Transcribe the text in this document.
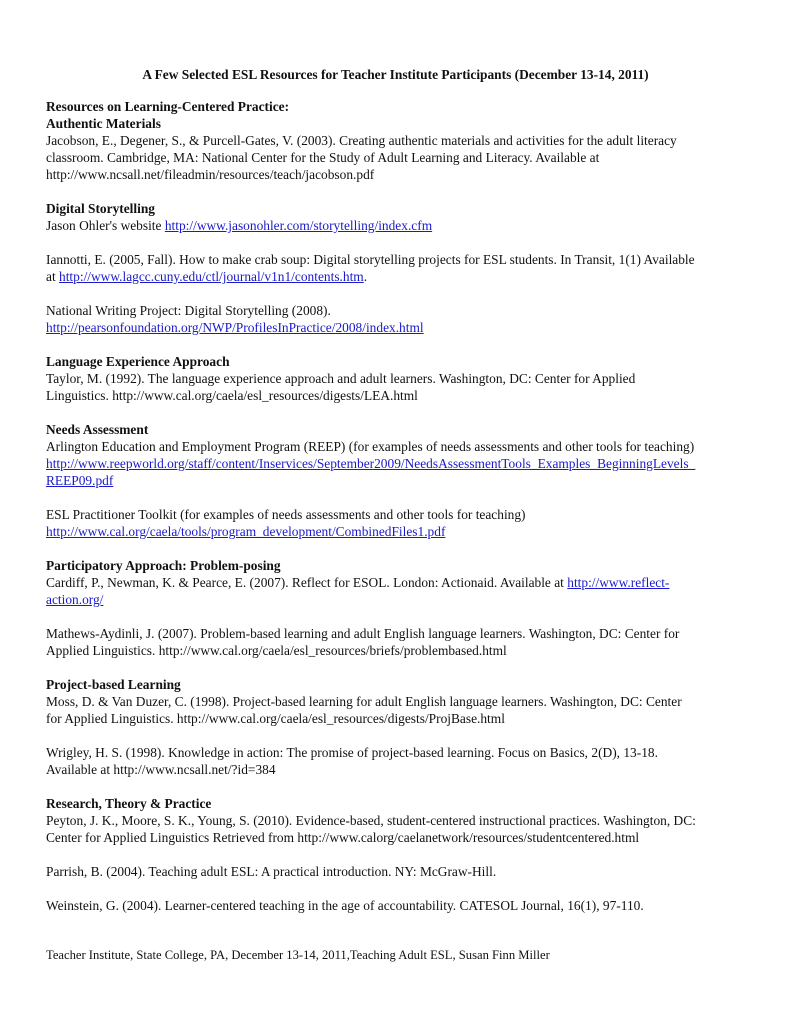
A Few Selected ESL Resources for Teacher Institute Participants (December 13-14, 2011)
Resources on Learning-Centered Practice:
Authentic Materials
Jacobson, E., Degener, S., & Purcell-Gates, V. (2003). Creating authentic materials and activities for the adult literacy
classroom. Cambridge, MA: National Center for the Study of Adult Learning and Literacy. Available at
http://www.ncsall.net/fileadmin/resources/teach/jacobson.pdf
Digital Storytelling
Jason Ohler's website http://www.jasonohler.com/storytelling/index.cfm
Iannotti, E. (2005, Fall). How to make crab soup: Digital storytelling projects for ESL students. In Transit, 1(1) Available
at http://www.lagcc.cuny.edu/ctl/journal/v1n1/contents.htm.
National Writing Project: Digital Storytelling (2008).
http://pearsonfoundation.org/NWP/ProfilesInPractice/2008/index.html
Language Experience Approach
Taylor, M. (1992). The language experience approach and adult learners. Washington, DC: Center for Applied
Linguistics. http://www.cal.org/caela/esl_resources/digests/LEA.html
Needs Assessment
Arlington Education and Employment Program (REEP) (for examples of needs assessments and other tools for teaching)
http://www.reepworld.org/staff/content/Inservices/September2009/NeedsAssessmentTools_Examples_BeginningLevels_
REEP09.pdf
ESL Practitioner Toolkit (for examples of needs assessments and other tools for teaching)
http://www.cal.org/caela/tools/program_development/CombinedFiles1.pdf
Participatory Approach: Problem-posing
Cardiff, P., Newman, K. & Pearce, E. (2007). Reflect for ESOL. London: Actionaid. Available at http://www.reflect-
action.org/
Mathews-Aydinli, J. (2007). Problem-based learning and adult English language learners. Washington, DC: Center for
Applied Linguistics. http://www.cal.org/caela/esl_resources/briefs/problembased.html
Project-based Learning
Moss, D. & Van Duzer, C. (1998). Project-based learning for adult English language learners. Washington, DC: Center
for Applied Linguistics. http://www.cal.org/caela/esl_resources/digests/ProjBase.html
Wrigley, H. S. (1998). Knowledge in action: The promise of project-based learning. Focus on Basics, 2(D), 13-18.
Available at http://www.ncsall.net/?id=384
Research, Theory & Practice
Peyton, J. K., Moore, S. K., Young, S. (2010). Evidence-based, student-centered instructional practices. Washington, DC:
Center for Applied Linguistics Retrieved from http://www.calorg/caelanetwork/resources/studentcentered.html
Parrish, B. (2004). Teaching adult ESL: A practical introduction. NY: McGraw-Hill.
Weinstein, G. (2004). Learner-centered teaching in the age of accountability. CATESOL Journal, 16(1), 97-110.
Teacher Institute, State College, PA, December 13-14, 2011,Teaching Adult ESL, Susan Finn Miller
